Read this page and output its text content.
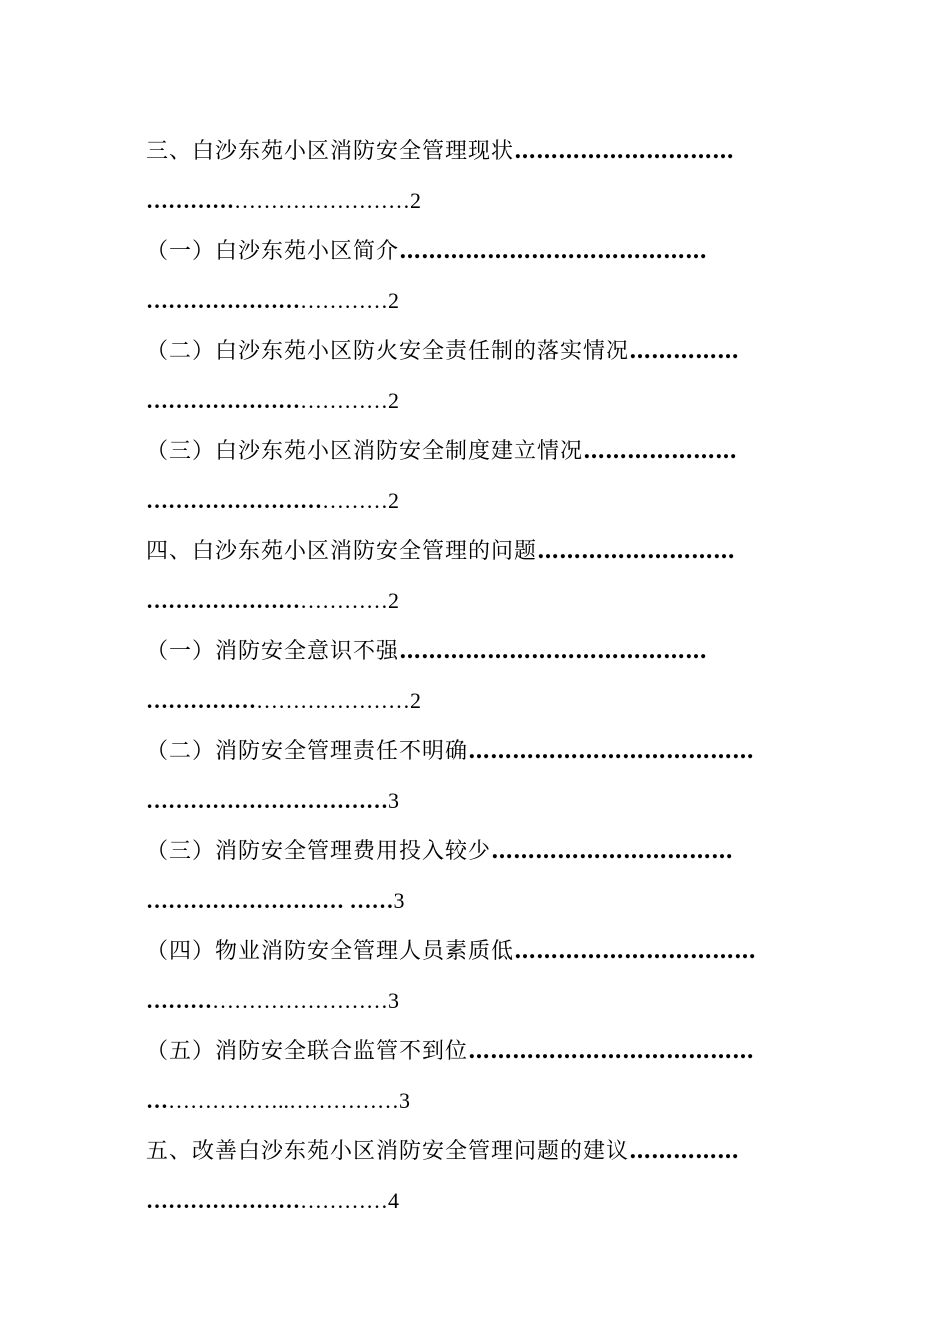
三、白沙东苑小区消防安全管理现状…………………………
………………………………2
（一）白沙东苑小区简介……………………………………
……………………………2
（二）白沙东苑小区防火安全责任制的落实情况……………
……………………………2
（三）白沙东苑小区消防安全制度建立情况…………………
……………………………2
四、白沙东苑小区消防安全管理的问题………………………
……………………………2
（一）消防安全意识不强……………………………………
………………………………2
（二）消防安全管理责任不明确…………………………………
……………………………3
（三）消防安全管理费用投入较少……………………………
……………………… ……3
（四）物业消防安全管理人员素质低……………………………
……………………………3
（五）消防安全联合监管不到位…………………………………
………………..……………3
五、改善白沙东苑小区消防安全管理问题的建议……………
……………………………4
